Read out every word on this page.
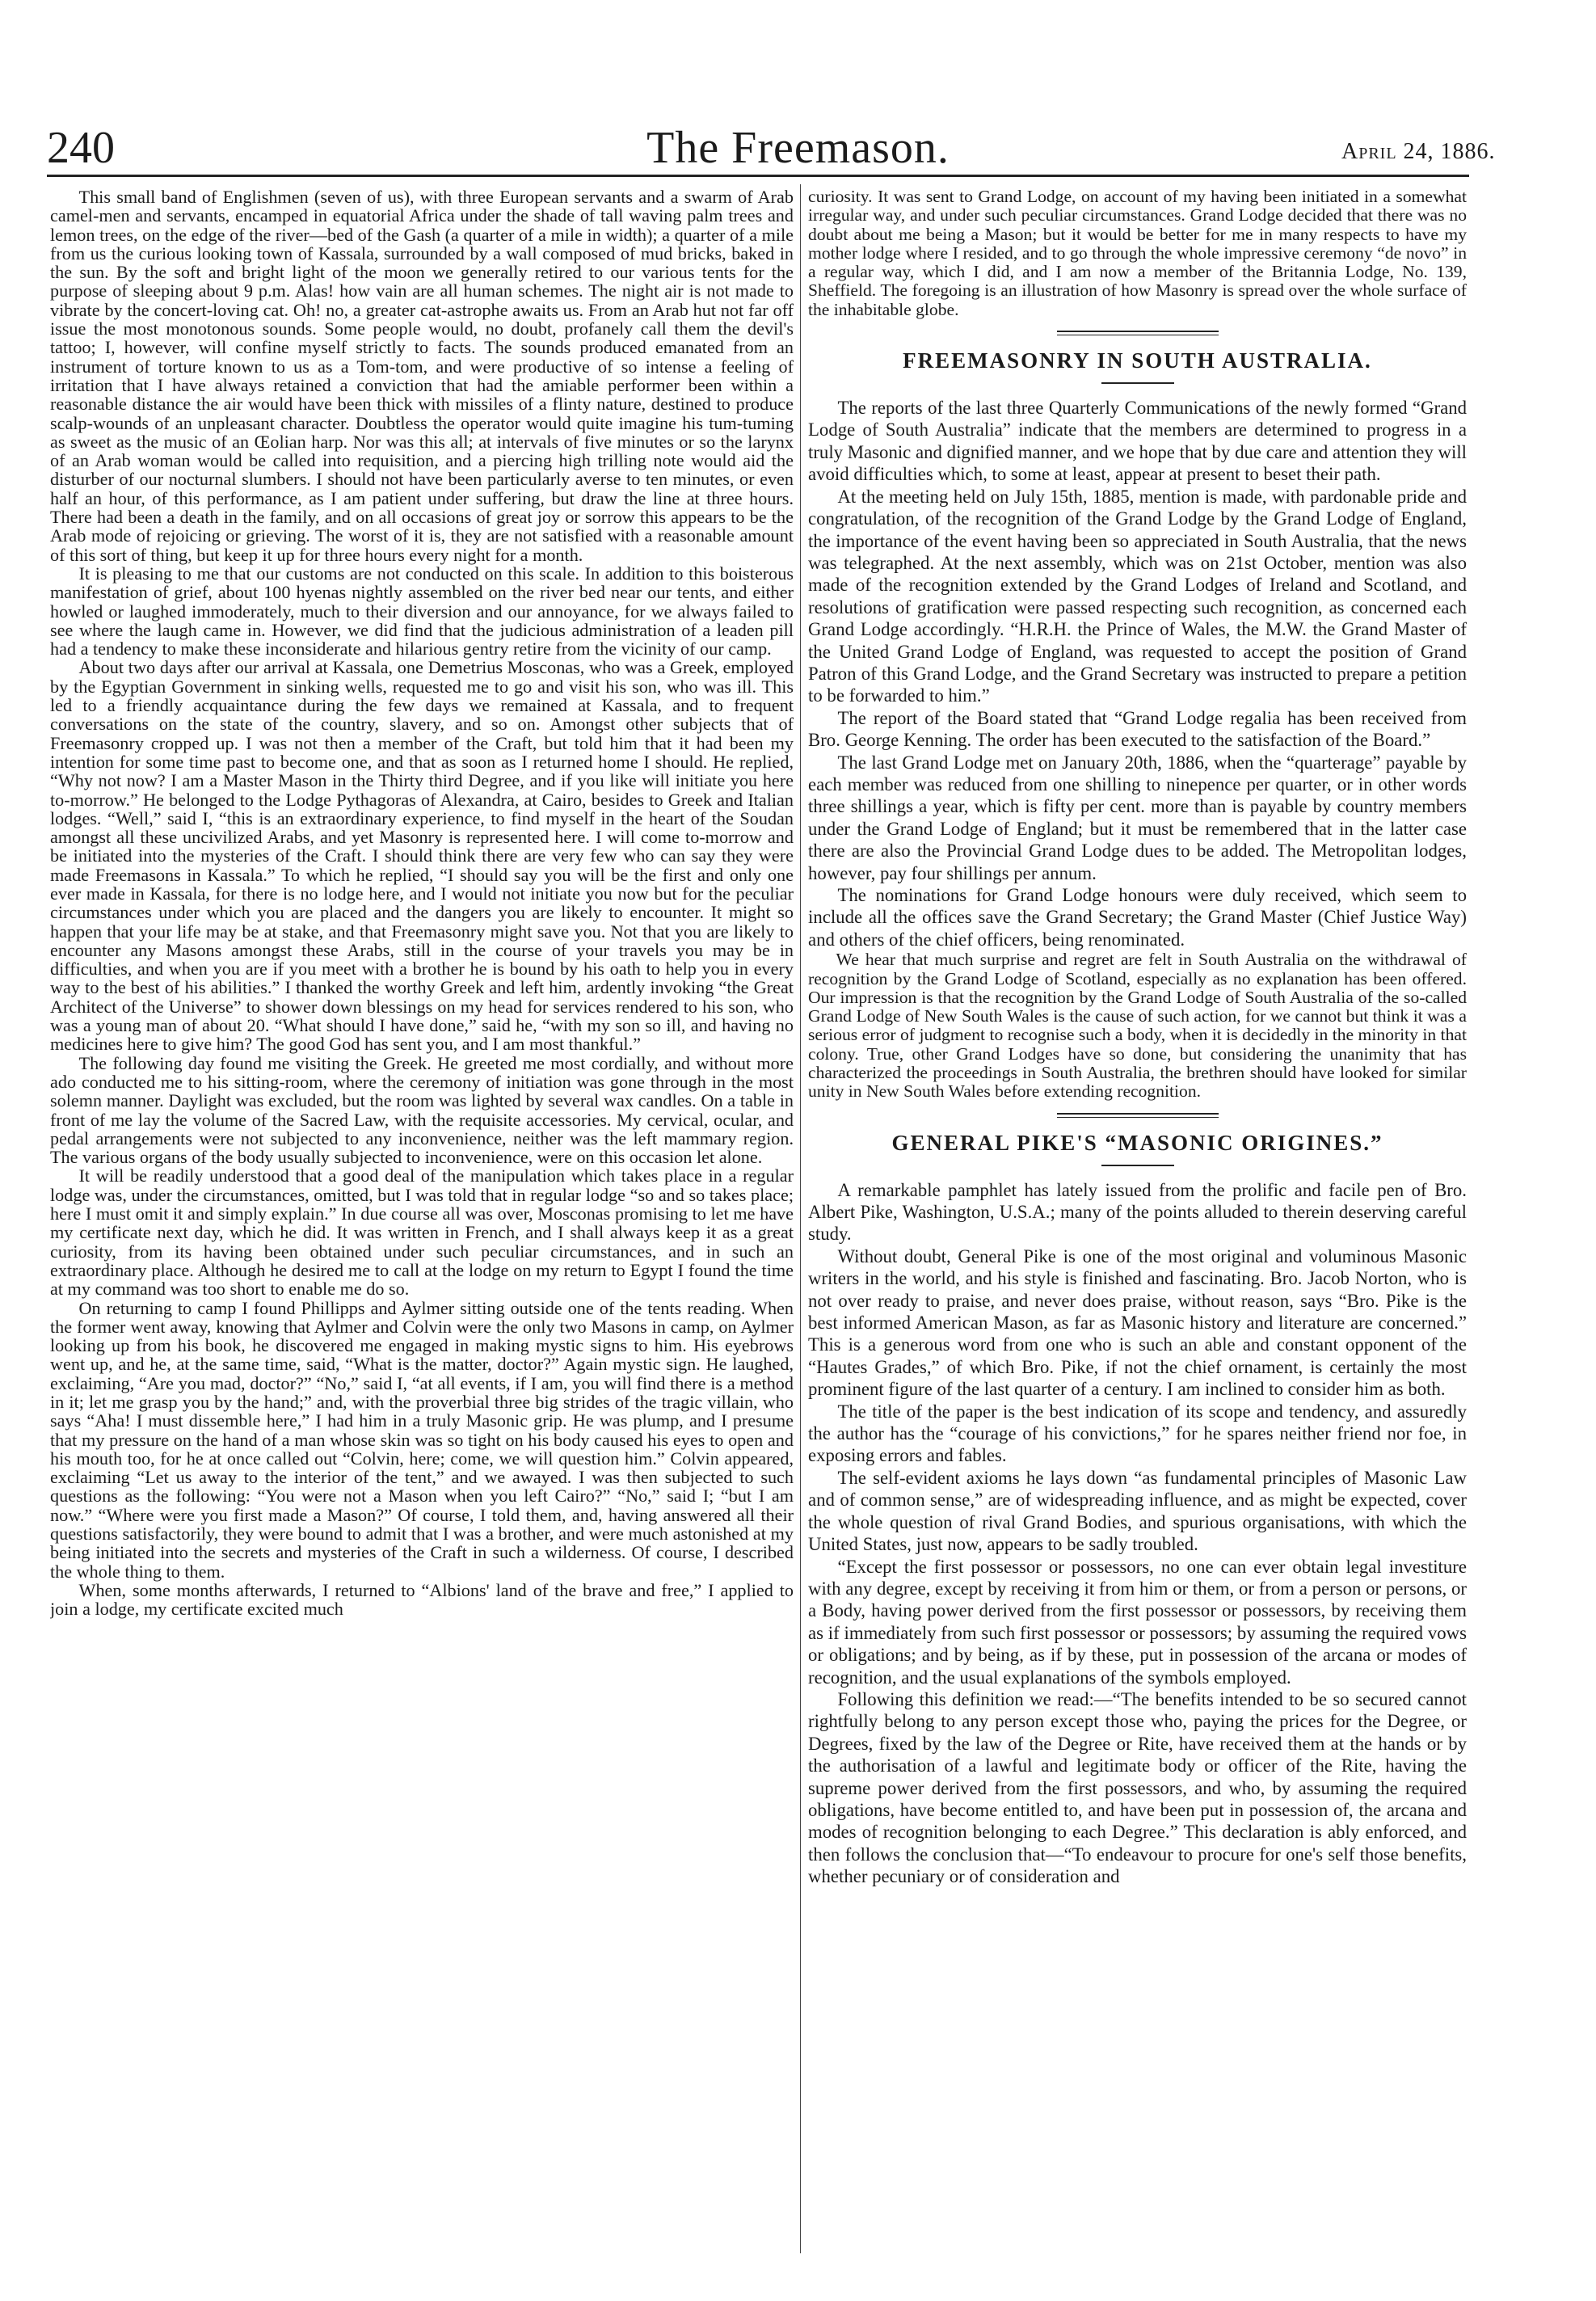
240	The Freemason.	April 24, 1886.

This small band of Englishmen (seven of us), with three European servants and a swarm of Arab camel-men and servants, encamped in equatorial Africa under the shade of tall waving palm trees and lemon trees, on the edge of the river—bed of the Gash (a quarter of a mile in width); a quarter of a mile from us the curious looking town of Kassala, surrounded by a wall composed of mud bricks, baked in the sun. By the soft and bright light of the moon we generally retired to our various tents for the purpose of sleeping about 9 p.m. Alas! how vain are all human schemes. The night air is not made to vibrate by the concert-loving cat. Oh! no, a greater cat-astrophe awaits us. From an Arab hut not far off issue the most monotonous sounds. Some people would, no doubt, profanely call them the devil's tattoo; I, however, will confine myself strictly to facts. The sounds produced emanated from an instrument of torture known to us as a Tom-tom, and were productive of so intense a feeling of irritation that I have always retained a conviction that had the amiable performer been within a reasonable distance the air would have been thick with missiles of a flinty nature, destined to produce scalp-wounds of an unpleasant character. Doubtless the operator would quite imagine his tum-tuming as sweet as the music of an Œolian harp. Nor was this all; at intervals of five minutes or so the larynx of an Arab woman would be called into requisition, and a piercing high trilling note would aid the disturber of our nocturnal slumbers. I should not have been particularly averse to ten minutes, or even half an hour, of this performance, as I am patient under suffering, but draw the line at three hours. There had been a death in the family, and on all occasions of great joy or sorrow this appears to be the Arab mode of rejoicing or grieving. The worst of it is, they are not satisfied with a reasonable amount of this sort of thing, but keep it up for three hours every night for a month.

It is pleasing to me that our customs are not conducted on this scale. In addition to this boisterous manifestation of grief, about 100 hyenas nightly assembled on the river bed near our tents, and either howled or laughed immoderately, much to their diversion and our annoyance, for we always failed to see where the laugh came in. However, we did find that the judicious administration of a leaden pill had a tendency to make these inconsiderate and hilarious gentry retire from the vicinity of our camp.

About two days after our arrival at Kassala, one Demetrius Mosconas, who was a Greek, employed by the Egyptian Government in sinking wells, requested me to go and visit his son, who was ill. This led to a friendly acquaintance during the few days we remained at Kassala, and to frequent conversations on the state of the country, slavery, and so on. Amongst other subjects that of Freemasonry cropped up. I was not then a member of the Craft, but told him that it had been my intention for some time past to become one, and that as soon as I returned home I should. He replied, “Why not now? I am a Master Mason in the Thirty third Degree, and if you like will initiate you here to-morrow.” He belonged to the Lodge Pythagoras of Alexandra, at Cairo, besides to Greek and Italian lodges. “Well,” said I, “this is an extraordinary experience, to find myself in the heart of the Soudan amongst all these uncivilized Arabs, and yet Masonry is represented here. I will come to-morrow and be initiated into the mysteries of the Craft. I should think there are very few who can say they were made Freemasons in Kassala.” To which he replied, “I should say you will be the first and only one ever made in Kassala, for there is no lodge here, and I would not initiate you now but for the peculiar circumstances under which you are placed and the dangers you are likely to encounter. It might so happen that your life may be at stake, and that Freemasonry might save you. Not that you are likely to encounter any Masons amongst these Arabs, still in the course of your travels you may be in difficulties, and when you are if you meet with a brother he is bound by his oath to help you in every way to the best of his abilities.” I thanked the worthy Greek and left him, ardently invoking “the Great Architect of the Universe” to shower down blessings on my head for services rendered to his son, who was a young man of about 20. “What should I have done,” said he, “with my son so ill, and having no medicines here to give him? The good God has sent you, and I am most thankful.”

The following day found me visiting the Greek. He greeted me most cordially, and without more ado conducted me to his sitting-room, where the ceremony of initiation was gone through in the most solemn manner. Daylight was excluded, but the room was lighted by several wax candles. On a table in front of me lay the volume of the Sacred Law, with the requisite accessories. My cervical, ocular, and pedal arrangements were not subjected to any inconvenience, neither was the left mammary region. The various organs of the body usually subjected to inconvenience, were on this occasion let alone.

It will be readily understood that a good deal of the manipulation which takes place in a regular lodge was, under the circumstances, omitted, but I was told that in regular lodge “so and so takes place; here I must omit it and simply explain.” In due course all was over, Mosconas promising to let me have my certificate next day, which he did. It was written in French, and I shall always keep it as a great curiosity, from its having been obtained under such peculiar circumstances, and in such an extraordinary place. Although he desired me to call at the lodge on my return to Egypt I found the time at my command was too short to enable me do so.

On returning to camp I found Phillipps and Aylmer sitting outside one of the tents reading. When the former went away, knowing that Aylmer and Colvin were the only two Masons in camp, on Aylmer looking up from his book, he discovered me engaged in making mystic signs to him. His eyebrows went up, and he, at the same time, said, “What is the matter, doctor?” Again mystic sign. He laughed, exclaiming, “Are you mad, doctor?” “No,” said I, “at all events, if I am, you will find there is a method in it; let me grasp you by the hand;” and, with the proverbial three big strides of the tragic villain, who says “Aha! I must dissemble here,” I had him in a truly Masonic grip. He was plump, and I presume that my pressure on the hand of a man whose skin was so tight on his body caused his eyes to open and his mouth too, for he at once called out “Colvin, here; come, we will question him.” Colvin appeared, exclaiming “Let us away to the interior of the tent,” and we awayed. I was then subjected to such questions as the following: “You were not a Mason when you left Cairo?” “No,” said I; “but I am now.” “Where were you first made a Mason?” Of course, I told them, and, having answered all their questions satisfactorily, they were bound to admit that I was a brother, and were much astonished at my being initiated into the secrets and mysteries of the Craft in such a wilderness. Of course, I described the whole thing to them.

When, some months afterwards, I returned to “Albions' land of the brave and free,” I applied to join a lodge, my certificate excited much

curiosity. It was sent to Grand Lodge, on account of my having been initiated in a somewhat irregular way, and under such peculiar circumstances. Grand Lodge decided that there was no doubt about me being a Mason; but it would be better for me in many respects to have my mother lodge where I resided, and to go through the whole impressive ceremony “de novo” in a regular way, which I did, and I am now a member of the Britannia Lodge, No. 139, Sheffield. The foregoing is an illustration of how Masonry is spread over the whole surface of the inhabitable globe.

FREEMASONRY IN SOUTH AUSTRALIA.

The reports of the last three Quarterly Communications of the newly formed “Grand Lodge of South Australia” indicate that the members are determined to progress in a truly Masonic and dignified manner, and we hope that by due care and attention they will avoid difficulties which, to some at least, appear at present to beset their path.

At the meeting held on July 15th, 1885, mention is made, with pardonable pride and congratulation, of the recognition of the Grand Lodge by the Grand Lodge of England, the importance of the event having been so appreciated in South Australia, that the news was telegraphed. At the next assembly, which was on 21st October, mention was also made of the recognition extended by the Grand Lodges of Ireland and Scotland, and resolutions of gratification were passed respecting such recognition, as concerned each Grand Lodge accordingly. “H.R.H. the Prince of Wales, the M.W. the Grand Master of the United Grand Lodge of England, was requested to accept the position of Grand Patron of this Grand Lodge, and the Grand Secretary was instructed to prepare a petition to be forwarded to him.”

The report of the Board stated that “Grand Lodge regalia has been received from Bro. George Kenning. The order has been executed to the satisfaction of the Board.”

The last Grand Lodge met on January 20th, 1886, when the “quarterage” payable by each member was reduced from one shilling to ninepence per quarter, or in other words three shillings a year, which is fifty per cent. more than is payable by country members under the Grand Lodge of England; but it must be remembered that in the latter case there are also the Provincial Grand Lodge dues to be added. The Metropolitan lodges, however, pay four shillings per annum.

The nominations for Grand Lodge honours were duly received, which seem to include all the offices save the Grand Secretary; the Grand Master (Chief Justice Way) and others of the chief officers, being renominated.

We hear that much surprise and regret are felt in South Australia on the withdrawal of recognition by the Grand Lodge of Scotland, especially as no explanation has been offered. Our impression is that the recognition by the Grand Lodge of South Australia of the so-called Grand Lodge of New South Wales is the cause of such action, for we cannot but think it was a serious error of judgment to recognise such a body, when it is decidedly in the minority in that colony. True, other Grand Lodges have so done, but considering the unanimity that has characterized the proceedings in South Australia, the brethren should have looked for similar unity in New South Wales before extending recognition.

GENERAL PIKE'S “MASONIC ORIGINES.”

A remarkable pamphlet has lately issued from the prolific and facile pen of Bro. Albert Pike, Washington, U.S.A.; many of the points alluded to therein deserving careful study.

Without doubt, General Pike is one of the most original and voluminous Masonic writers in the world, and his style is finished and fascinating. Bro. Jacob Norton, who is not over ready to praise, and never does praise, without reason, says “Bro. Pike is the best informed American Mason, as far as Masonic history and literature are concerned.” This is a generous word from one who is such an able and constant opponent of the “Hautes Grades,” of which Bro. Pike, if not the chief ornament, is certainly the most prominent figure of the last quarter of a century. I am inclined to consider him as both.

The title of the paper is the best indication of its scope and tendency, and assuredly the author has the “courage of his convictions,” for he spares neither friend nor foe, in exposing errors and fables.

The self-evident axioms he lays down “as fundamental principles of Masonic Law and of common sense,” are of widespreading influence, and as might be expected, cover the whole question of rival Grand Bodies, and spurious organisations, with which the United States, just now, appears to be sadly troubled.

“Except the first possessor or possessors, no one can ever obtain legal investiture with any degree, except by receiving it from him or them, or from a person or persons, or a Body, having power derived from the first possessor or possessors, by receiving them as if immediately from such first possessor or possessors; by assuming the required vows or obligations; and by being, as if by these, put in possession of the arcana or modes of recognition, and the usual explanations of the symbols employed.

Following this definition we read:—“The benefits intended to be so secured cannot rightfully belong to any person except those who, paying the prices for the Degree, or Degrees, fixed by the law of the Degree or Rite, have received them at the hands or by the authorisation of a lawful and legitimate body or officer of the Rite, having the supreme power derived from the first possessors, and who, by assuming the required obligations, have become entitled to, and have been put in possession of, the arcana and modes of recognition belonging to each Degree.” This declaration is ably enforced, and then follows the conclusion that—“To endeavour to procure for one's self those benefits, whether pecuniary or of consideration and
